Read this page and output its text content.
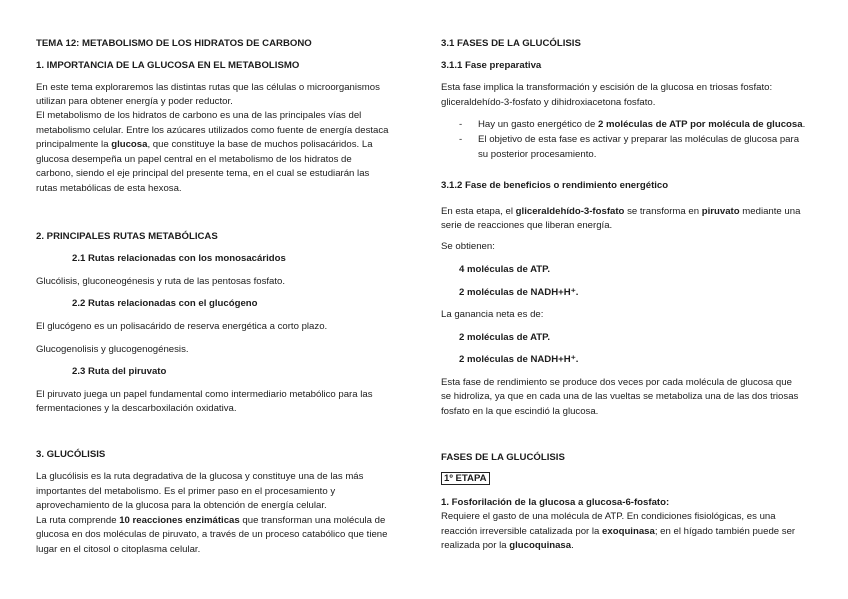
TEMA 12: METABOLISMO DE LOS HIDRATOS DE CARBONO
1. IMPORTANCIA DE LA GLUCOSA EN EL METABOLISMO
En este tema exploraremos las distintas rutas que las células o microorganismos
utilizan para obtener energía y poder reductor.
El metabolismo de los hidratos de carbono es una de las principales vías del
metabolismo celular. Entre los azúcares utilizados como fuente de energía destaca
principalmente la glucosa, que constituye la base de muchos polisacáridos. La
glucosa desempeña un papel central en el metabolismo de los hidratos de
carbono, siendo el eje principal del presente tema, en el cual se estudiarán las
rutas metabólicas de esta hexosa.
2. PRINCIPALES RUTAS METABÓLICAS
2.1 Rutas relacionadas con los monosacáridos
Glucólisis, gluconeogénesis y ruta de las pentosas fosfato.
2.2 Rutas relacionadas con el glucógeno
El glucógeno es un polisacárido de reserva energética a corto plazo.
Glucogenolisis y glucogenogénesis.
2.3 Ruta del piruvato
El piruvato juega un papel fundamental como intermediario metabólico para las
fermentaciones y la descarboxilación oxidativa.
3. GLUCÓLISIS
La glucólisis es la ruta degradativa de la glucosa y constituye una de las más
importantes del metabolismo. Es el primer paso en el procesamiento y
aprovechamiento de la glucosa para la obtención de energía celular.
La ruta comprende 10 reacciones enzimáticas que transforman una molécula de
glucosa en dos moléculas de piruvato, a través de un proceso catabólico que tiene
lugar en el citosol o citoplasma celular.
3.1 FASES DE LA GLUCÓLISIS
3.1.1 Fase preparativa
Esta fase implica la transformación y escisión de la glucosa en triosas fosfato:
gliceraldehído-3-fosfato y dihidroxiacetona fosfato.
- Hay un gasto energético de 2 moléculas de ATP por molécula de glucosa.
- El objetivo de esta fase es activar y preparar las moléculas de glucosa para
su posterior procesamiento.
3.1.2 Fase de beneficios o rendimiento energético
En esta etapa, el gliceraldehído-3-fosfato se transforma en piruvato mediante una
serie de reacciones que liberan energía.
Se obtienen:
4 moléculas de ATP.
2 moléculas de NADH+H⁺.
La ganancia neta es de:
2 moléculas de ATP.
2 moléculas de NADH+H⁺.
Esta fase de rendimiento se produce dos veces por cada molécula de glucosa que
se hidroliza, ya que en cada una de las vueltas se metaboliza una de las dos triosas
fosfato en la que escindió la glucosa.
FASES DE LA GLUCÓLISIS
1º ETAPA
1. Fosforilación de la glucosa a glucosa-6-fosfato:
Requiere el gasto de una molécula de ATP. En condiciones fisiológicas, es una
reacción irreversible catalizada por la exoquinasa; en el hígado también puede ser
realizada por la glucoquinasa.
